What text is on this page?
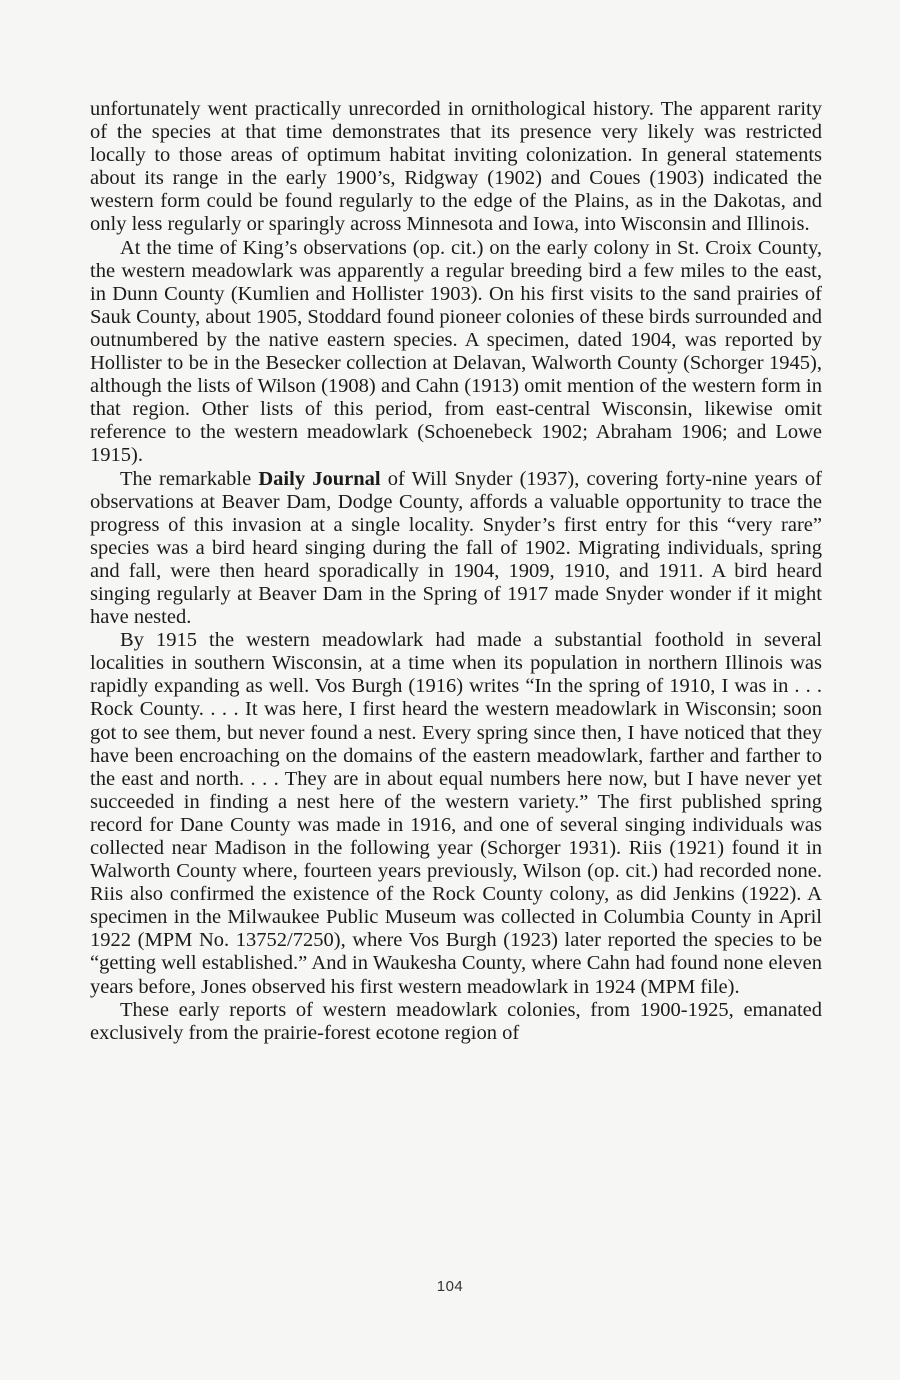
unfortunately went practically unrecorded in ornithological history. The apparent rarity of the species at that time demonstrates that its presence very likely was restricted locally to those areas of optimum habitat inviting colonization. In general statements about its range in the early 1900’s, Ridgway (1902) and Coues (1903) indicated the western form could be found regularly to the edge of the Plains, as in the Dakotas, and only less regularly or sparingly across Minnesota and Iowa, into Wisconsin and Illinois.

At the time of King’s observations (op. cit.) on the early colony in St. Croix County, the western meadowlark was apparently a regular breeding bird a few miles to the east, in Dunn County (Kumlien and Hollister 1903). On his first visits to the sand prairies of Sauk County, about 1905, Stoddard found pioneer colonies of these birds surrounded and outnumbered by the native eastern species. A specimen, dated 1904, was reported by Hollister to be in the Besecker collection at Delavan, Walworth County (Schorger 1945), although the lists of Wilson (1908) and Cahn (1913) omit mention of the western form in that region. Other lists of this period, from east-central Wisconsin, likewise omit reference to the western meadowlark (Schoenebeck 1902; Abraham 1906; and Lowe 1915).

The remarkable Daily Journal of Will Snyder (1937), covering forty-nine years of observations at Beaver Dam, Dodge County, affords a valuable opportunity to trace the progress of this invasion at a single locality. Snyder’s first entry for this “very rare” species was a bird heard singing during the fall of 1902. Migrating individuals, spring and fall, were then heard sporadically in 1904, 1909, 1910, and 1911. A bird heard singing regularly at Beaver Dam in the Spring of 1917 made Snyder wonder if it might have nested.

By 1915 the western meadowlark had made a substantial foothold in several localities in southern Wisconsin, at a time when its population in northern Illinois was rapidly expanding as well. Vos Burgh (1916) writes “In the spring of 1910, I was in . . . Rock County. . . . It was here, I first heard the western meadowlark in Wisconsin; soon got to see them, but never found a nest. Every spring since then, I have noticed that they have been encroaching on the domains of the eastern meadowlark, farther and farther to the east and north. . . . They are in about equal numbers here now, but I have never yet succeeded in finding a nest here of the western variety.” The first published spring record for Dane County was made in 1916, and one of several singing individuals was collected near Madison in the following year (Schorger 1931). Riis (1921) found it in Walworth County where, fourteen years previously, Wilson (op. cit.) had recorded none. Riis also confirmed the existence of the Rock County colony, as did Jenkins (1922). A specimen in the Milwaukee Public Museum was collected in Columbia County in April 1922 (MPM No. 13752/7250), where Vos Burgh (1923) later reported the species to be “getting well established.” And in Waukesha County, where Cahn had found none eleven years before, Jones observed his first western meadowlark in 1924 (MPM file).

These early reports of western meadowlark colonies, from 1900-1925, emanated exclusively from the prairie-forest ecotone region of

104
